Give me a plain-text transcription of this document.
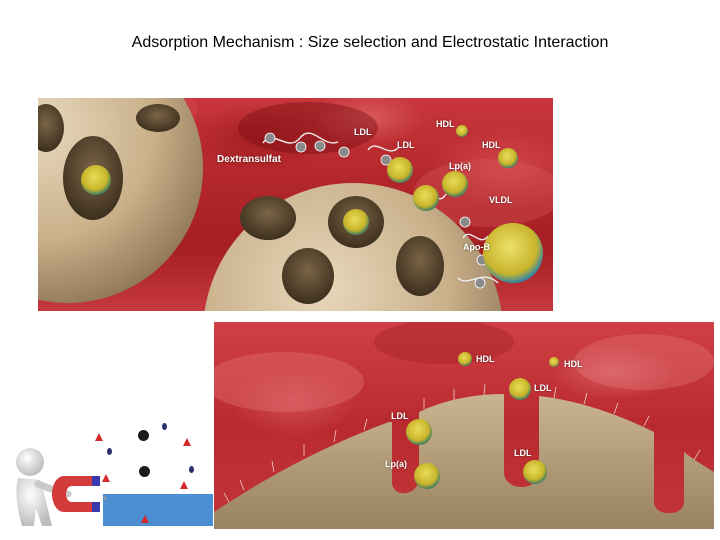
Adsorption Mechanism : Size selection and Electrostatic Interaction
Dextransulfat
LDL
LDL
HDL
HDL
Lp(a)
VLDL
Apo-B
HDL	HDL
LDL
LDL
LDL
Lp(a)
